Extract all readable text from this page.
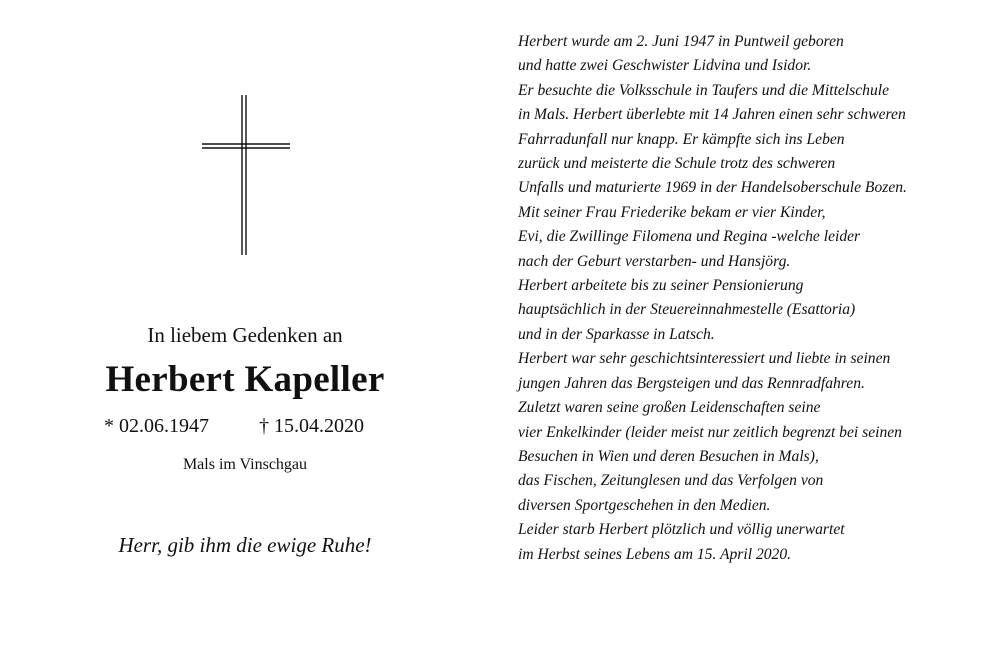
In liebem Gedenken an
Herbert Kapeller
* 02.06.1947	† 15.04.2020
Mals im Vinschgau
Herr, gib ihm die ewige Ruhe!
Herbert wurde am 2. Juni 1947 in Puntweil geboren
und hatte zwei Geschwister Lidvina und Isidor.
Er besuchte die Volksschule in Taufers und die Mittelschule
in Mals. Herbert überlebte mit 14 Jahren einen sehr schweren
Fahrradunfall nur knapp. Er kämpfte sich ins Leben
zurück und meisterte die Schule trotz des schweren
Unfalls und maturierte 1969 in der Handelsoberschule Bozen.
Mit seiner Frau Friederike bekam er vier Kinder,
Evi, die Zwillinge Filomena und Regina -welche leider
nach der Geburt verstarben- und Hansjörg.
Herbert arbeitete bis zu seiner Pensionierung
hauptsächlich in der Steuereinnahmestelle (Esattoria)
und in der Sparkasse in Latsch.
Herbert war sehr geschichtsinteressiert und liebte in seinen
jungen Jahren das Bergsteigen und das Rennradfahren.
Zuletzt waren seine großen Leidenschaften seine
vier Enkelkinder (leider meist nur zeitlich begrenzt bei seinen
Besuchen in Wien und deren Besuchen in Mals),
das Fischen, Zeitunglesen und das Verfolgen von
diversen Sportgeschehen in den Medien.
Leider starb Herbert plötzlich und völlig unerwartet
im Herbst seines Lebens am 15. April 2020.
